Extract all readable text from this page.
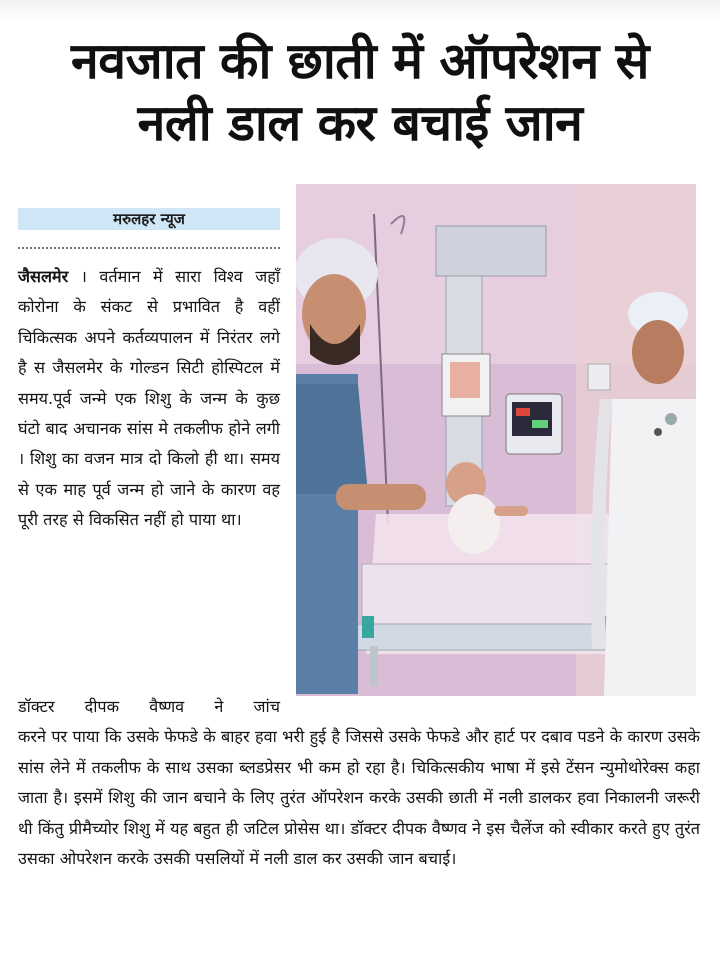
नवजात की छाती में ऑपरेशन से
नली डाल कर बचाई जान
मरुलहर न्यूज

जैसलमेर । वर्तमान में सारा विश्व जहाँ कोरोना के संकट से प्रभावित है वहीं चिकित्सक अपने कर्तव्यपालन में निरंतर लगे है स जैसलमेर के गोल्डन सिटी होस्पिटल में समय.पूर्व जन्मे एक शिशु के जन्म के कुछ घंटो बाद अचानक सांस मे तकलीफ होने लगी । शिशु का वजन मात्र दो किलो ही था। समय से एक माह पूर्व जन्म हो जाने के कारण वह पूरी तरह से विकसित नहीं हो पाया था।

डॉक्टर दीपक वैष्णव ने जांच
करने पर पाया कि उसके फेफडे के बाहर हवा भरी हुई है जिससे उसके फेफडे और हार्ट पर दबाव पडने के कारण उसके सांस लेने में तकलीफ के साथ उसका ब्लडप्रेसर भी कम हो रहा है। चिकित्सकीय भाषा में इसे टेंसन न्युमोथोरेक्स कहा जाता है। इसमें शिशु की जान बचाने के लिए तुरंत ऑपरेशन करके उसकी छाती में नली डालकर हवा निकालनी जरूरी थी किंतु प्रीमैच्योर शिशु में यह बहुत ही जटिल प्रोसेस था। डॉक्टर दीपक वैष्णव ने इस चैलेंज को स्वीकार करते हुए तुरंत उसका ओपरेशन करके उसकी पसलियों में नली डाल कर उसकी जान बचाई।
